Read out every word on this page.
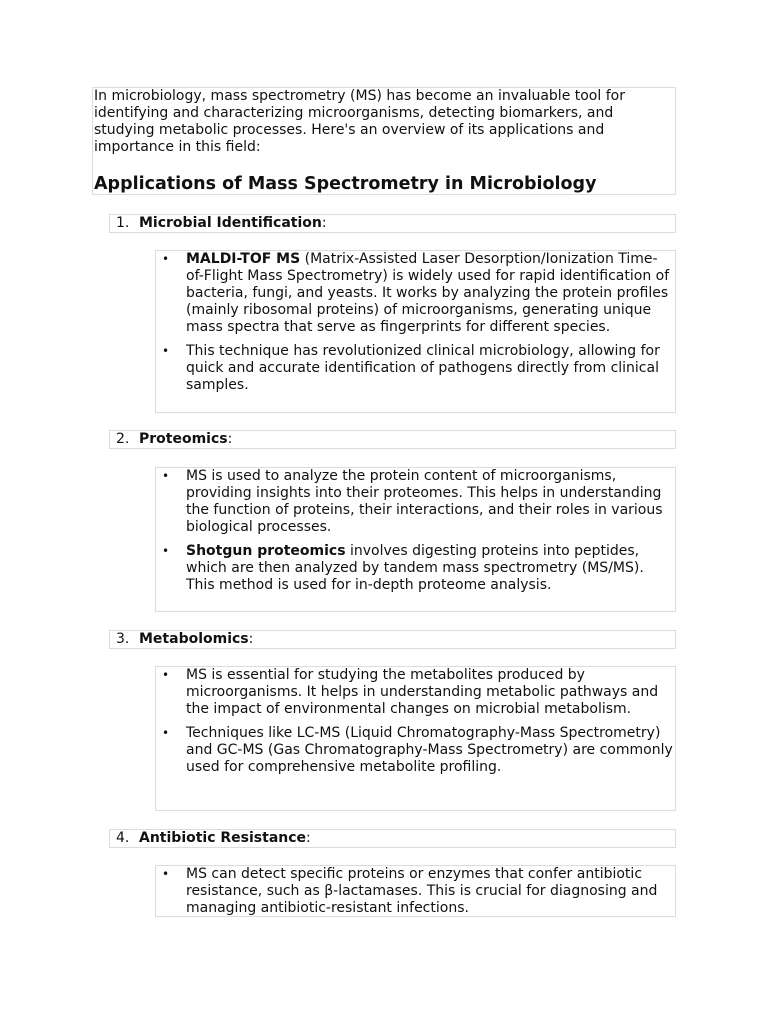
In microbiology, mass spectrometry (MS) has become an invaluable tool for identifying and characterizing microorganisms, detecting biomarkers, and studying metabolic processes. Here's an overview of its applications and importance in this field:

Applications of Mass Spectrometry in Microbiology
1. Microbial Identification:
• MALDI-TOF MS (Matrix-Assisted Laser Desorption/Ionization Time-of-Flight Mass Spectrometry) is widely used for rapid identification of bacteria, fungi, and yeasts. It works by analyzing the protein profiles (mainly ribosomal proteins) of microorganisms, generating unique mass spectra that serve as fingerprints for different species.
• This technique has revolutionized clinical microbiology, allowing for quick and accurate identification of pathogens directly from clinical samples.
2. Proteomics:
• MS is used to analyze the protein content of microorganisms, providing insights into their proteomes. This helps in understanding the function of proteins, their interactions, and their roles in various biological processes.
• Shotgun proteomics involves digesting proteins into peptides, which are then analyzed by tandem mass spectrometry (MS/MS). This method is used for in-depth proteome analysis.
3. Metabolomics:
• MS is essential for studying the metabolites produced by microorganisms. It helps in understanding metabolic pathways and the impact of environmental changes on microbial metabolism.
• Techniques like LC-MS (Liquid Chromatography-Mass Spectrometry) and GC-MS (Gas Chromatography-Mass Spectrometry) are commonly used for comprehensive metabolite profiling.
4. Antibiotic Resistance:
• MS can detect specific proteins or enzymes that confer antibiotic resistance, such as β-lactamases. This is crucial for diagnosing and managing antibiotic-resistant infections.
